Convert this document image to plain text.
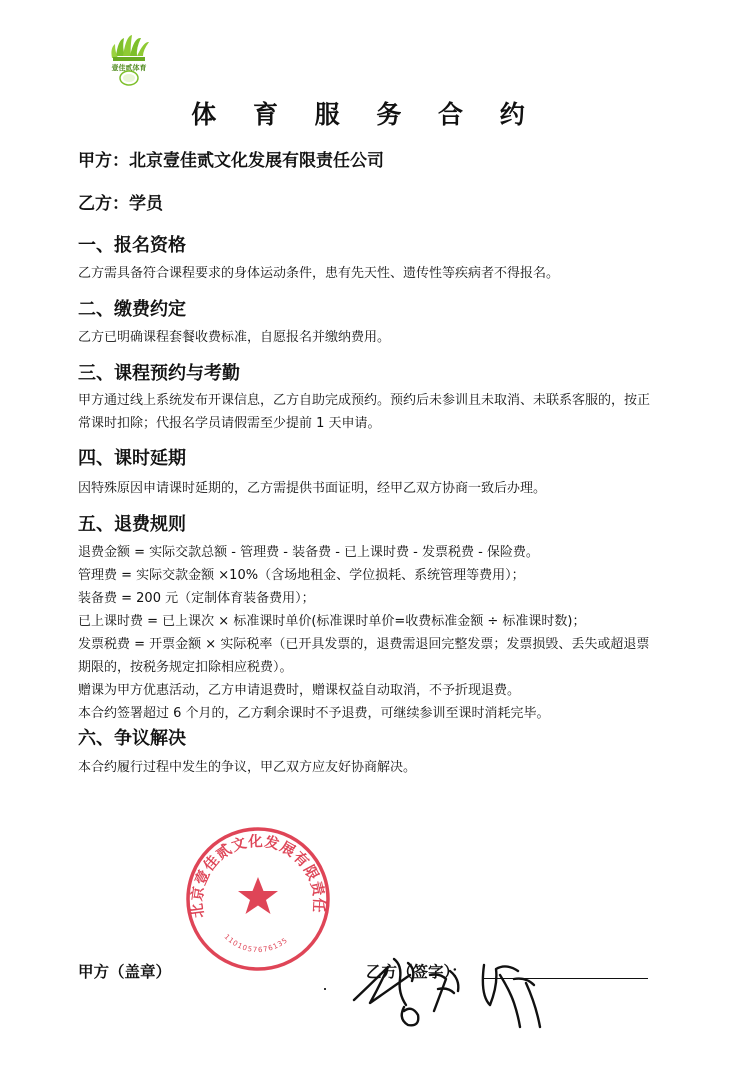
壹佳贰体育
体 育 服 务 合 约

甲方：北京壹佳贰文化发展有限责任公司

乙方：学员

一、报名资格

乙方需具备符合课程要求的身体运动条件，患有先天性、遗传性等疾病者不得报名。

二、缴费约定

乙方已明确课程套餐收费标准，自愿报名并缴纳费用。

三、课程预约与考勤

甲方通过线上系统发布开课信息，乙方自助完成预约。预约后未参训且未取消、未联系客服的，按正常课时扣除；代报名学员请假需至少提前 1 天申请。

四、课时延期

因特殊原因申请课时延期的，乙方需提供书面证明，经甲乙双方协商一致后办理。

五、退费规则

退费金额 = 实际交款总额 - 管理费 - 装备费 - 已上课时费 - 发票税费 - 保险费。

管理费 = 实际交款金额 ×10%（含场地租金、学位损耗、系统管理等费用）；

装备费 = 200 元（定制体育装备费用）；

已上课时费 = 已上课次 × 标准课时单价(标准课时单价=收费标准金额 ÷ 标准课时数)；

发票税费 = 开票金额 × 实际税率（已开具发票的，退费需退回完整发票；发票损毁、丢失或超退票期限的，按税务规定扣除相应税费）。

赠课为甲方优惠活动，乙方申请退费时，赠课权益自动取消，不予折现退费。

本合约签署超过 6 个月的，乙方剩余课时不予退费，可继续参训至课时消耗完毕。

六、争议解决

本合约履行过程中发生的争议，甲乙双方应友好协商解决。

北京壹佳贰文化发展有限责任
1101057676135
甲方（盖章）	乙方（签字）：
